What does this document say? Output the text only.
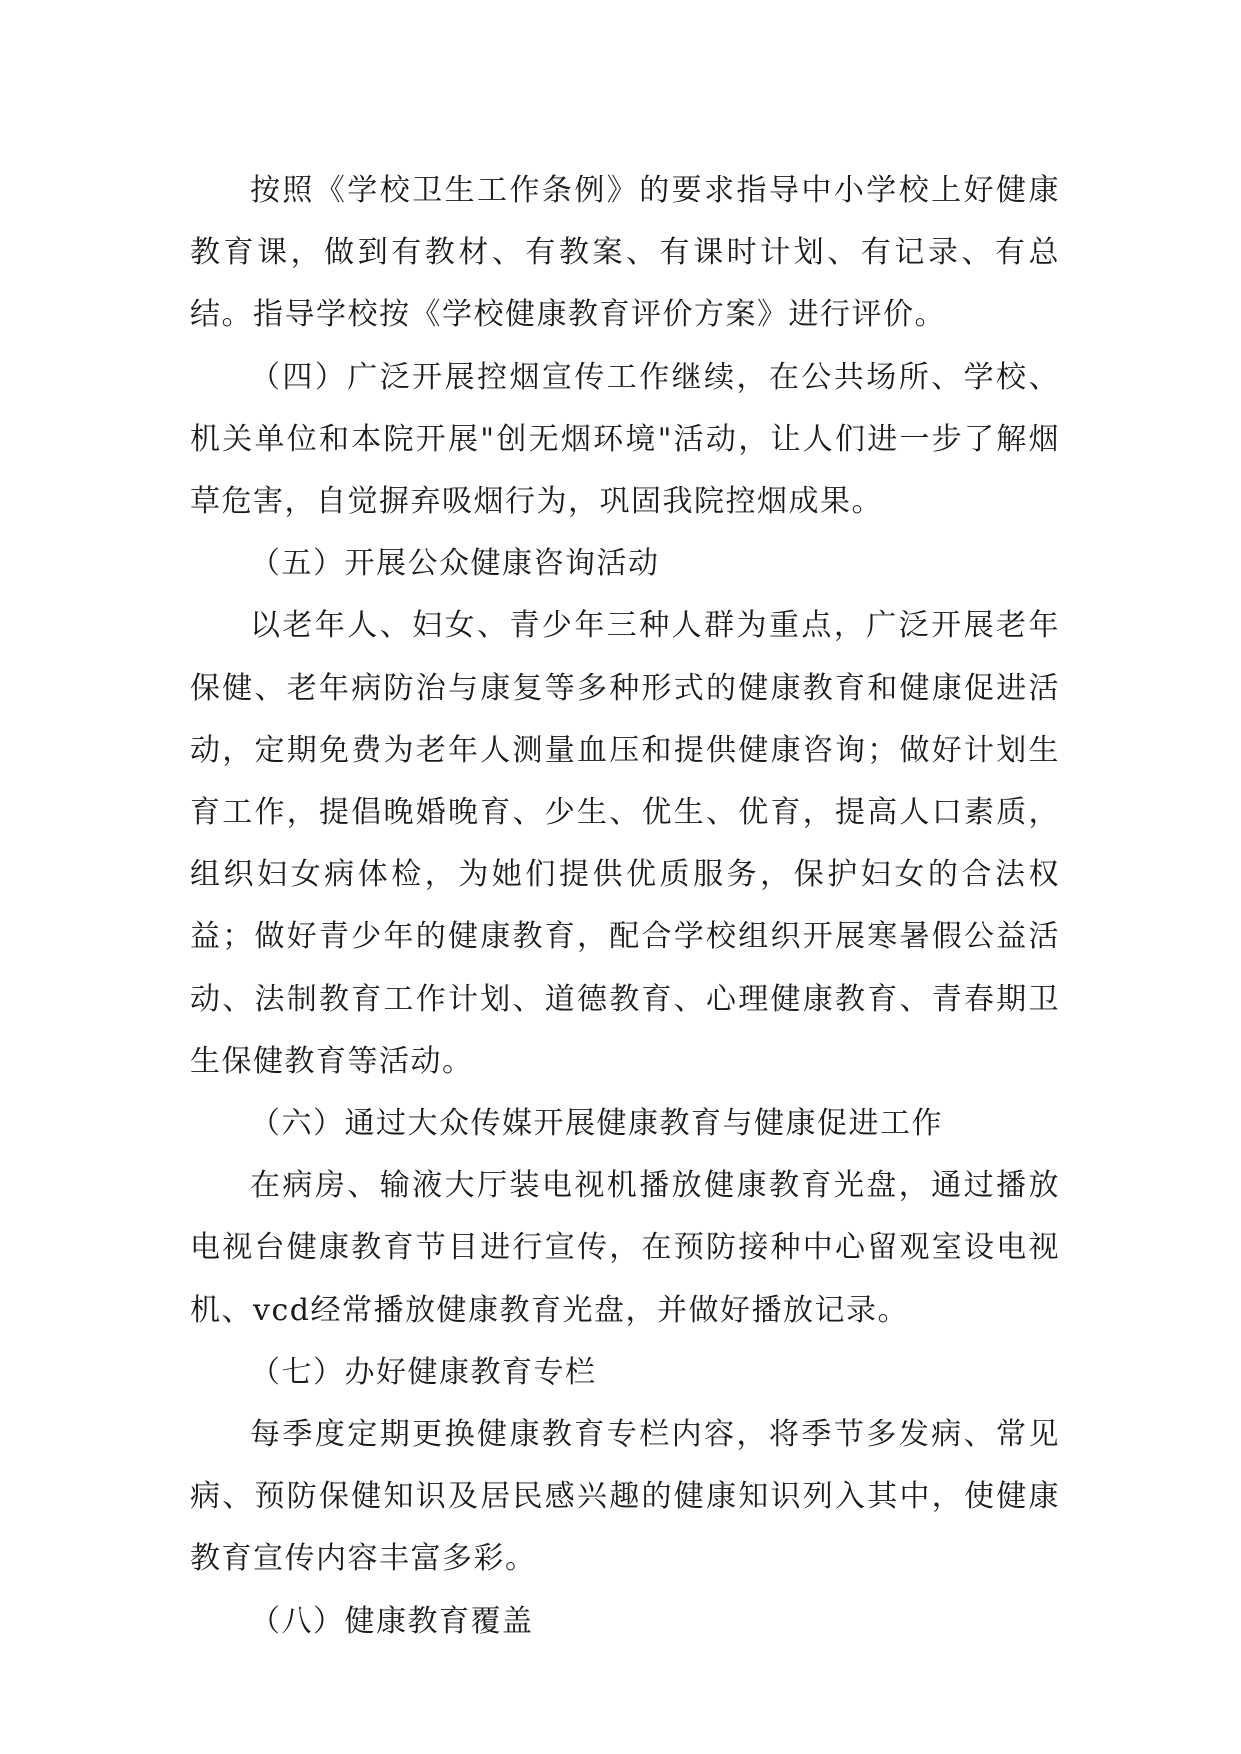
按照《学校卫生工作条例》的要求指导中小学校上好健康教育课，做到有教材、有教案、有课时计划、有记录、有总结。指导学校按《学校健康教育评价方案》进行评价。

（四）广泛开展控烟宣传工作继续，在公共场所、学校、机关单位和本院开展"创无烟环境"活动，让人们进一步了解烟草危害，自觉摒弃吸烟行为，巩固我院控烟成果。

（五）开展公众健康咨询活动

以老年人、妇女、青少年三种人群为重点，广泛开展老年保健、老年病防治与康复等多种形式的健康教育和健康促进活动，定期免费为老年人测量血压和提供健康咨询；做好计划生育工作，提倡晚婚晚育、少生、优生、优育，提高人口素质，组织妇女病体检，为她们提供优质服务，保护妇女的合法权益；做好青少年的健康教育，配合学校组织开展寒暑假公益活动、法制教育工作计划、道德教育、心理健康教育、青春期卫生保健教育等活动。

（六）通过大众传媒开展健康教育与健康促进工作

在病房、输液大厅装电视机播放健康教育光盘，通过播放电视台健康教育节目进行宣传，在预防接种中心留观室设电视机、vcd经常播放健康教育光盘，并做好播放记录。

（七）办好健康教育专栏

每季度定期更换健康教育专栏内容，将季节多发病、常见病、预防保健知识及居民感兴趣的健康知识列入其中，使健康教育宣传内容丰富多彩。

（八）健康教育覆盖
